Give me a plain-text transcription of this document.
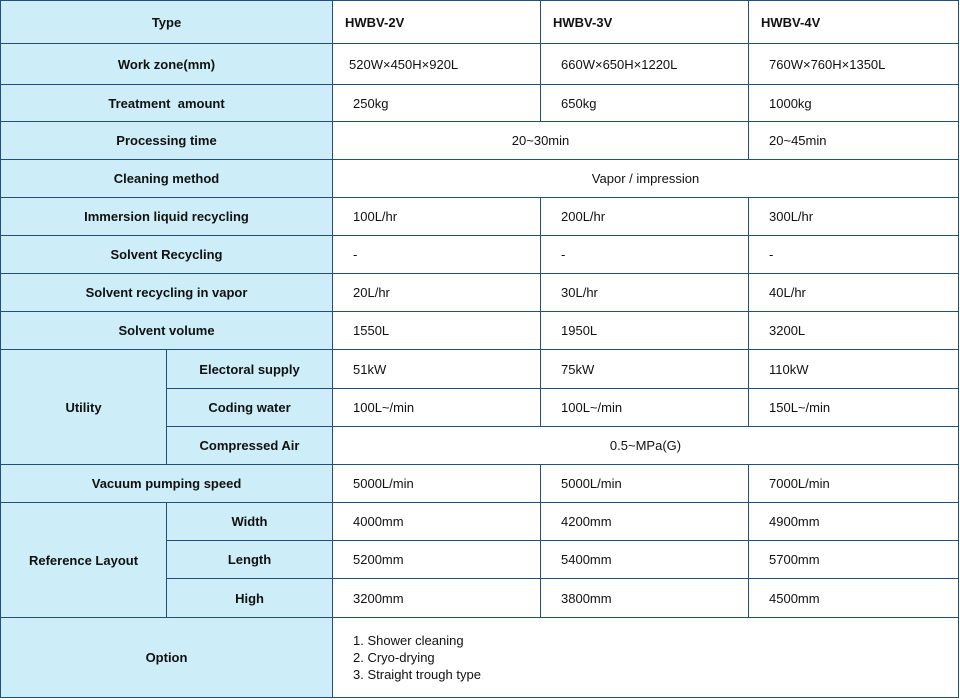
Type		HWBV-2V	HWBV-3V	HWBV-4V
Work zone(mm)		520W×450H×920L	660W×650H×1220L	760W×760H×1350L
Treatment  amount		250kg	650kg	1000kg
Processing time		20~30min		20~45min
Cleaning method		Vapor / impression		
Immersion liquid recycling		100L/hr	200L/hr	300L/hr
Solvent Recycling		-	-	-
Solvent recycling in vapor		20L/hr	30L/hr	40L/hr
Solvent volume		1550L	1950L	3200L
Utility	Electoral supply	51kW	75kW	110kW
	Coding water	100L~/min	100L~/min	150L~/min
	Compressed Air	0.5~MPa(G)		
Vacuum pumping speed		5000L/min	5000L/min	7000L/min
Reference Layout	Width	4000mm	4200mm	4900mm
	Length	5200mm	5400mm	5700mm
	High	3200mm	3800mm	4500mm
Option		1. Shower cleaning
2. Cryo-drying
3. Straight trough type		
